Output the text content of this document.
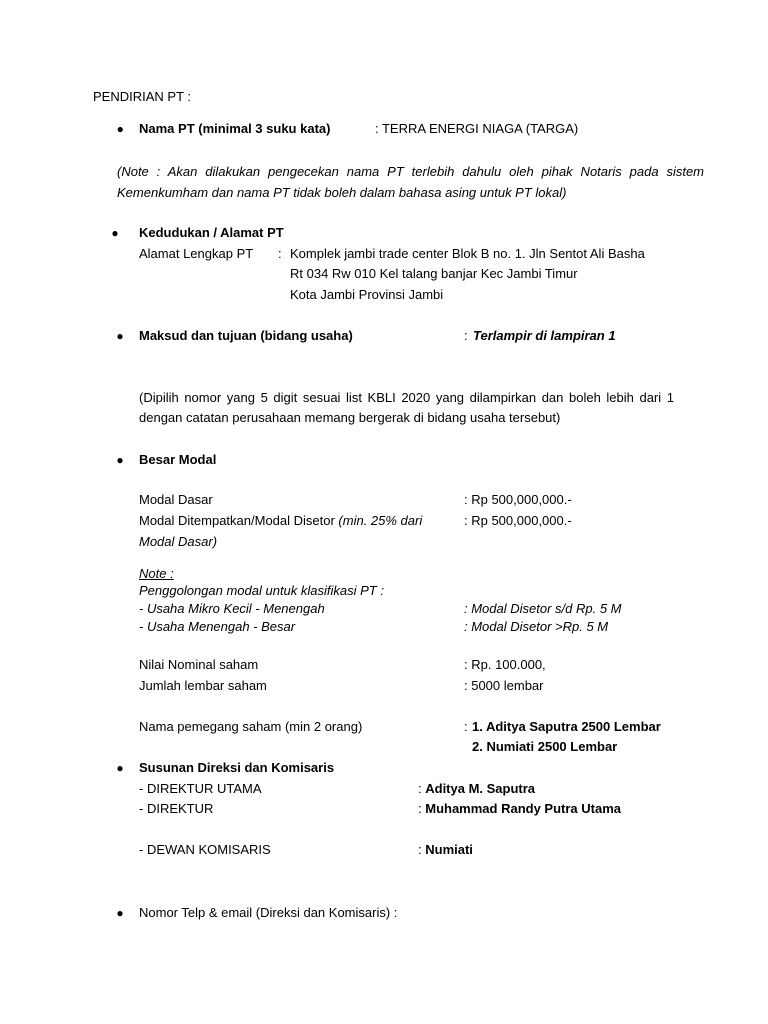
PENDIRIAN PT :
● Nama PT (minimal 3 suku kata)	: TERRA ENERGI NIAGA (TARGA)
(Note : Akan dilakukan pengecekan nama PT terlebih dahulu oleh pihak Notaris pada sistem Kemenkumham dan nama PT tidak boleh dalam bahasa asing untuk PT lokal)
● Kedudukan / Alamat PT
Alamat Lengkap PT : Komplek jambi trade center Blok B no. 1. Jln Sentot Ali Basha
Rt 034 Rw 010 Kel talang banjar Kec Jambi Timur
Kota Jambi Provinsi Jambi
● Maksud dan tujuan (bidang usaha)	: Terlampir di lampiran 1
(Dipilih nomor yang 5 digit sesuai list KBLI 2020 yang dilampirkan dan boleh lebih dari 1 dengan catatan perusahaan memang bergerak di bidang usaha tersebut)
● Besar Modal
Modal Dasar	: Rp 500,000,000.-
Modal Ditempatkan/Modal Disetor (min. 25% dari
Modal Dasar)
: Rp 500,000,000.-
Note :
Penggolongan modal untuk klasifikasi PT :
- Usaha Mikro Kecil - Menengah	: Modal Disetor s/d Rp. 5 M
- Usaha Menengah - Besar	: Modal Disetor >Rp. 5 M
Nilai Nominal saham	: Rp. 100.000,
Jumlah lembar saham	: 5000 lembar
Nama pemegang saham (min 2 orang)	: 1. Aditya Saputra 2500 Lembar
2. Numiati 2500 Lembar
● Susunan Direksi dan Komisaris
- DIREKTUR UTAMA	: Aditya M. Saputra
- DIREKTUR	: Muhammad Randy Putra Utama
- DEWAN KOMISARIS	: Numiati
● Nomor Telp & email (Direksi dan Komisaris) :
